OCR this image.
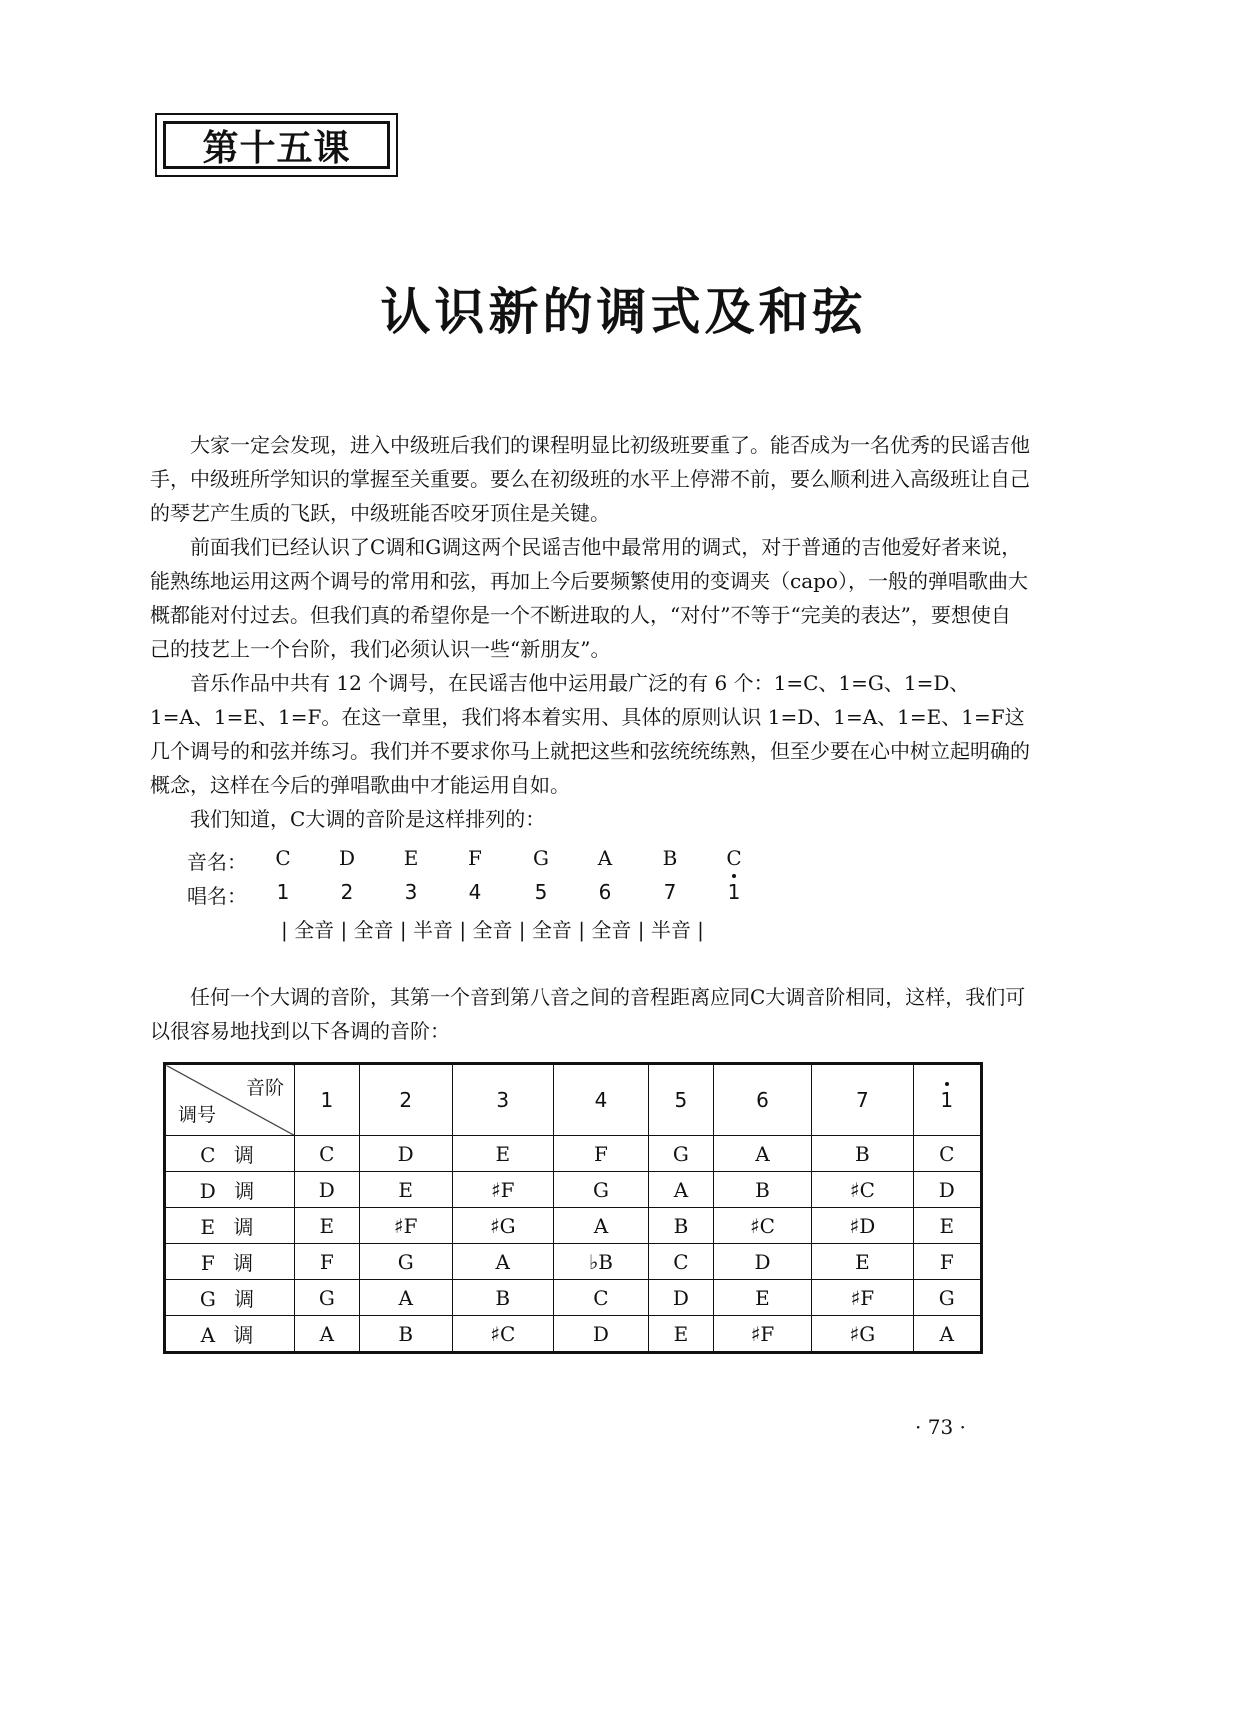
第十五课
认识新的调式及和弦

大家一定会发现，进入中级班后我们的课程明显比初级班要重了。能否成为一名优秀的民谣吉他手，中级班所学知识的掌握至关重要。要么在初级班的水平上停滞不前，要么顺利进入高级班让自己的琴艺产生质的飞跃，中级班能否咬牙顶住是关键。

前面我们已经认识了C调和G调这两个民谣吉他中最常用的调式，对于普通的吉他爱好者来说，能熟练地运用这两个调号的常用和弦，再加上今后要频繁使用的变调夹（capo），一般的弹唱歌曲大概都能对付过去。但我们真的希望你是一个不断进取的人，“对付”不等于“完美的表达”，要想使自己的技艺上一个台阶，我们必须认识一些“新朋友”。

音乐作品中共有 12 个调号，在民谣吉他中运用最广泛的有 6 个：1=C、1=G、1=D、1=A、1=E、1=F。在这一章里，我们将本着实用、具体的原则认识 1=D、1=A、1=E、1=F这几个调号的和弦并练习。我们并不要求你马上就把这些和弦统统练熟，但至少要在心中树立起明确的概念，这样在今后的弹唱歌曲中才能运用自如。

我们知道，C大调的音阶是这样排列的：

音名：	C	D	E	F	G	A	B	C
唱名：	1	2	3	4	5	6	7	1
| 全音 | 全音 | 半音 | 全音 | 全音 | 全音 | 半音 |

任何一个大调的音阶，其第一个音到第八音之间的音程距离应同C大调音阶相同，这样，我们可以很容易地找到以下各调的音阶：

音阶
调号	1	2	3	4	5	6	7	1
C 调	C	D	E	F	G	A	B	C
D 调	D	E	♯F	G	A	B	♯C	D
E 调	E	♯F	♯G	A	B	♯C	♯D	E
F 调	F	G	A	♭B	C	D	E	F
G 调	G	A	B	C	D	E	♯F	G
A 调	A	B	♯C	D	E	♯F	♯G	A
· 73 ·
